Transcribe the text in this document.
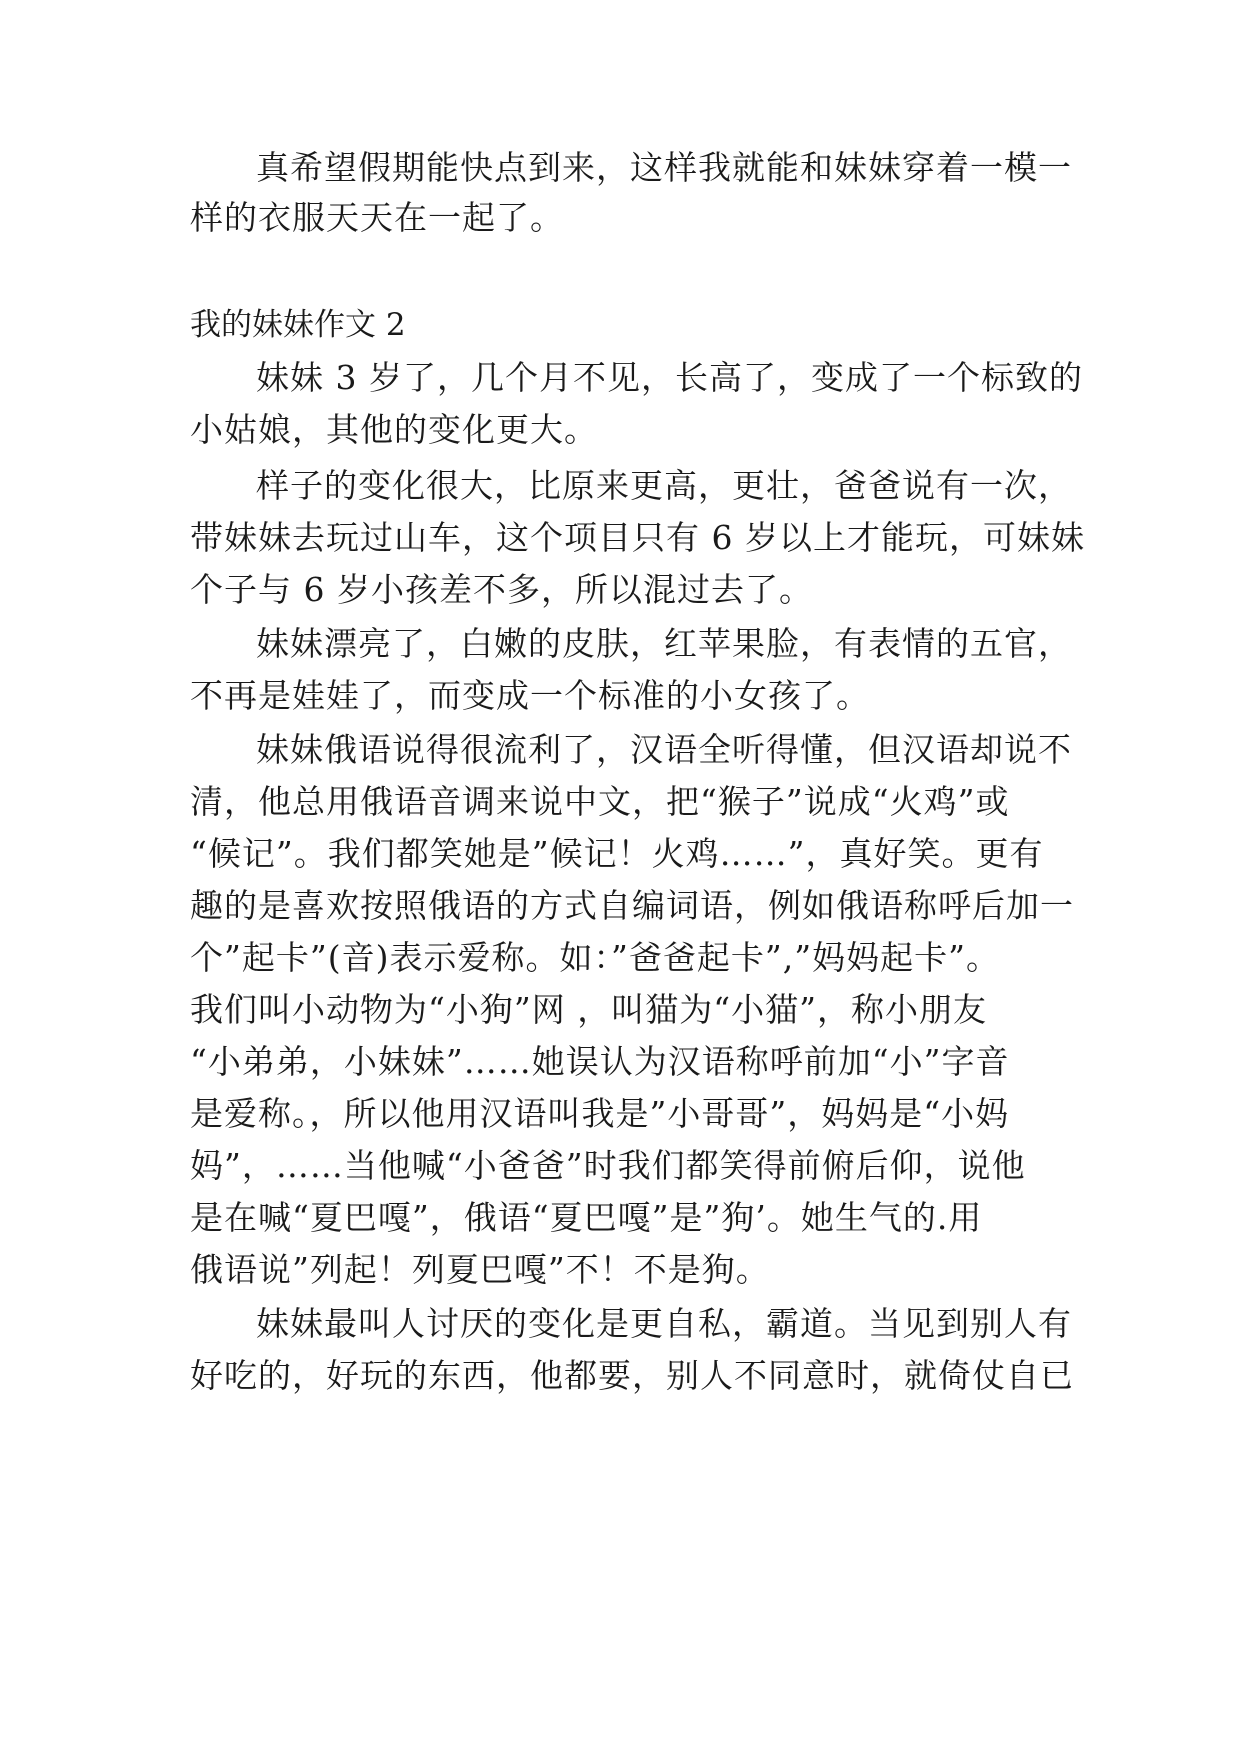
真希望假期能快点到来，这样我就能和妹妹穿着一模一
样的衣服天天在一起了。
我的妹妹作文 2
妹妹 3 岁了，几个月不见，长高了，变成了一个标致的
小姑娘，其他的变化更大。
样子的变化很大，比原来更高，更壮，爸爸说有一次，
带妹妹去玩过山车，这个项目只有 6 岁以上才能玩，可妹妹
个子与 6 岁小孩差不多，所以混过去了。
妹妹漂亮了，白嫩的皮肤，红苹果脸，有表情的五官，
不再是娃娃了，而变成一个标准的小女孩了。
妹妹俄语说得很流利了，汉语全听得懂，但汉语却说不
清，他总用俄语音调来说中文，把“猴子”说成“火鸡”或
“候记”。我们都笑她是”候记！火鸡……”，真好笑。更有
趣的是喜欢按照俄语的方式自编词语，例如俄语称呼后加一
个”起卡”(音)表示爱称。如：”爸爸起卡”,”妈妈起卡”。
我们叫小动物为“小狗”网 ，叫猫为“小猫”，称小朋友
“小弟弟，小妹妹”……她误认为汉语称呼前加“小”字音
是爱称。，所以他用汉语叫我是”小哥哥”，妈妈是“小妈
妈”，……当他喊“小爸爸”时我们都笑得前俯后仰，说他
是在喊“夏巴嘎”，俄语“夏巴嘎”是”狗’。她生气的.用
俄语说”列起！列夏巴嘎”不！不是狗。
妹妹最叫人讨厌的变化是更自私，霸道。当见到别人有
好吃的，好玩的东西，他都要，别人不同意时，就倚仗自已
